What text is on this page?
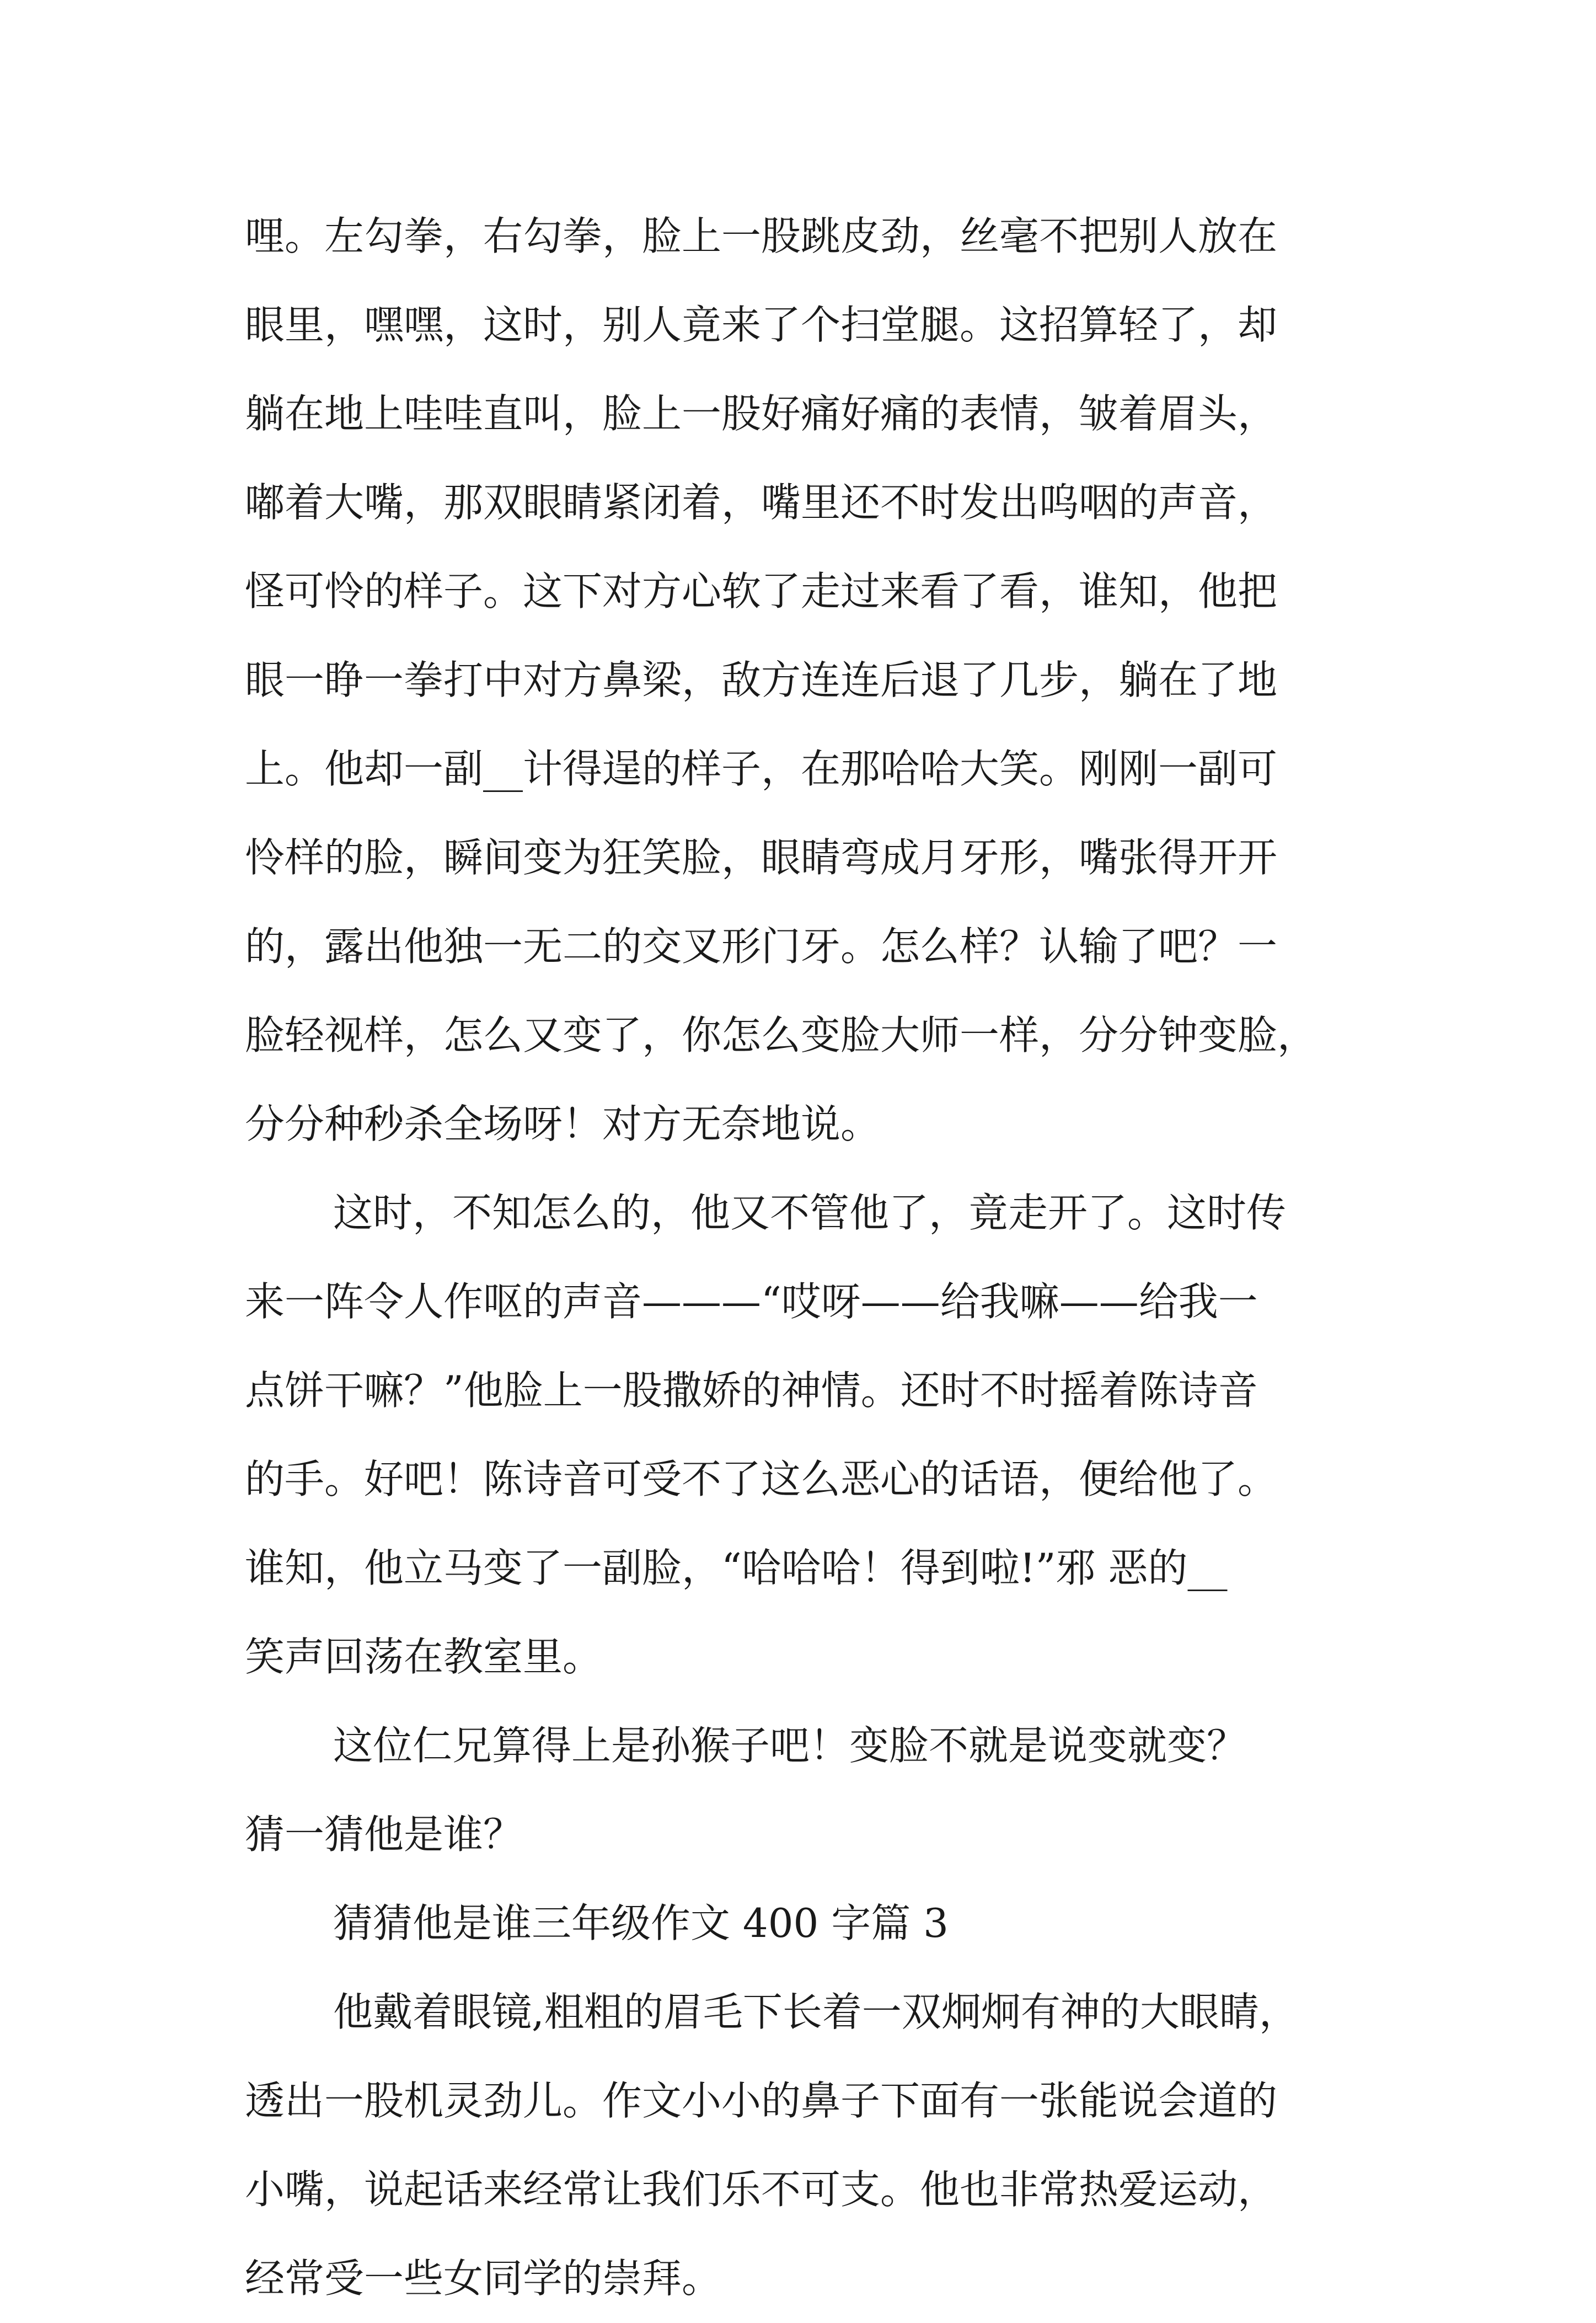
哩。左勾拳，右勾拳，脸上一股跳皮劲，丝毫不把别人放在
眼里，嘿嘿，这时，别人竟来了个扫堂腿。这招算轻了，却
躺在地上哇哇直叫，脸上一股好痛好痛的表情，皱着眉头，
嘟着大嘴，那双眼睛紧闭着，嘴里还不时发出呜咽的声音，
怪可怜的样子。这下对方心软了走过来看了看，谁知，他把
眼一睁一拳打中对方鼻梁，敌方连连后退了几步，躺在了地
上。他却一副__计得逞的样子，在那哈哈大笑。刚刚一副可
怜样的脸，瞬间变为狂笑脸，眼睛弯成月牙形，嘴张得开开
的，露出他独一无二的交叉形门牙。怎么样？认输了吧？一
脸轻视样，怎么又变了，你怎么变脸大师一样，分分钟变脸，
分分种秒杀全场呀！对方无奈地说。
这时，不知怎么的，他又不管他了，竟走开了。这时传
来一阵令人作呕的声音———“哎呀——给我嘛——给我一
点饼干嘛？”他脸上一股撒娇的神情。还时不时摇着陈诗音
的手。好吧！陈诗音可受不了这么恶心的话语，便给他了。
谁知，他立马变了一副脸，“哈哈哈！得到啦!”邪 恶的__
笑声回荡在教室里。
这位仁兄算得上是孙猴子吧！变脸不就是说变就变？
猜一猜他是谁？
猜猜他是谁三年级作文 400 字篇 3
他戴着眼镜,粗粗的眉毛下长着一双炯炯有神的大眼睛，
透出一股机灵劲儿。作文小小的鼻子下面有一张能说会道的
小嘴，说起话来经常让我们乐不可支。他也非常热爱运动，
经常受一些女同学的崇拜。
